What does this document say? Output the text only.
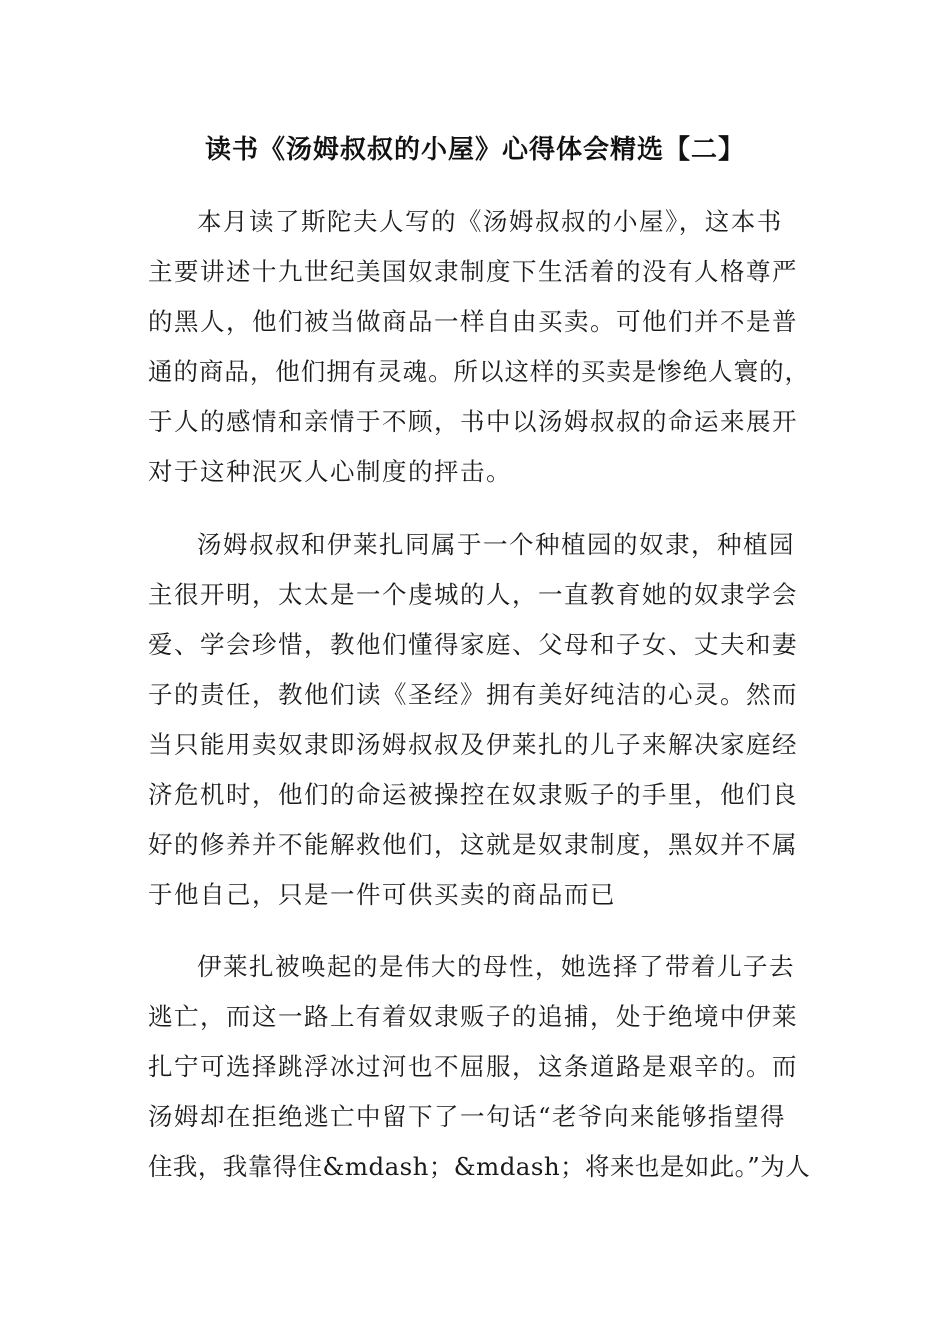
读书《汤姆叔叔的小屋》心得体会精选【二】
本月读了斯陀夫人写的《汤姆叔叔的小屋》，这本书
主要讲述十九世纪美国奴隶制度下生活着的没有人格尊严
的黑人，他们被当做商品一样自由买卖。可他们并不是普
通的商品，他们拥有灵魂。所以这样的买卖是惨绝人寰的，
于人的感情和亲情于不顾，书中以汤姆叔叔的命运来展开
对于这种泯灭人心制度的抨击。
汤姆叔叔和伊莱扎同属于一个种植园的奴隶，种植园
主很开明，太太是一个虔城的人，一直教育她的奴隶学会
爱、学会珍惜，教他们懂得家庭、父母和子女、丈夫和妻
子的责任，教他们读《圣经》拥有美好纯洁的心灵。然而
当只能用卖奴隶即汤姆叔叔及伊莱扎的儿子来解决家庭经
济危机时，他们的命运被操控在奴隶贩子的手里，他们良
好的修养并不能解救他们，这就是奴隶制度，黑奴并不属
于他自己，只是一件可供买卖的商品而已
伊莱扎被唤起的是伟大的母性，她选择了带着儿子去
逃亡，而这一路上有着奴隶贩子的追捕，处于绝境中伊莱
扎宁可选择跳浮冰过河也不屈服，这条道路是艰辛的。而
汤姆却在拒绝逃亡中留下了一句话“老爷向来能够指望得
住我，我靠得住&mdash；&mdash；将来也是如此。”为人
